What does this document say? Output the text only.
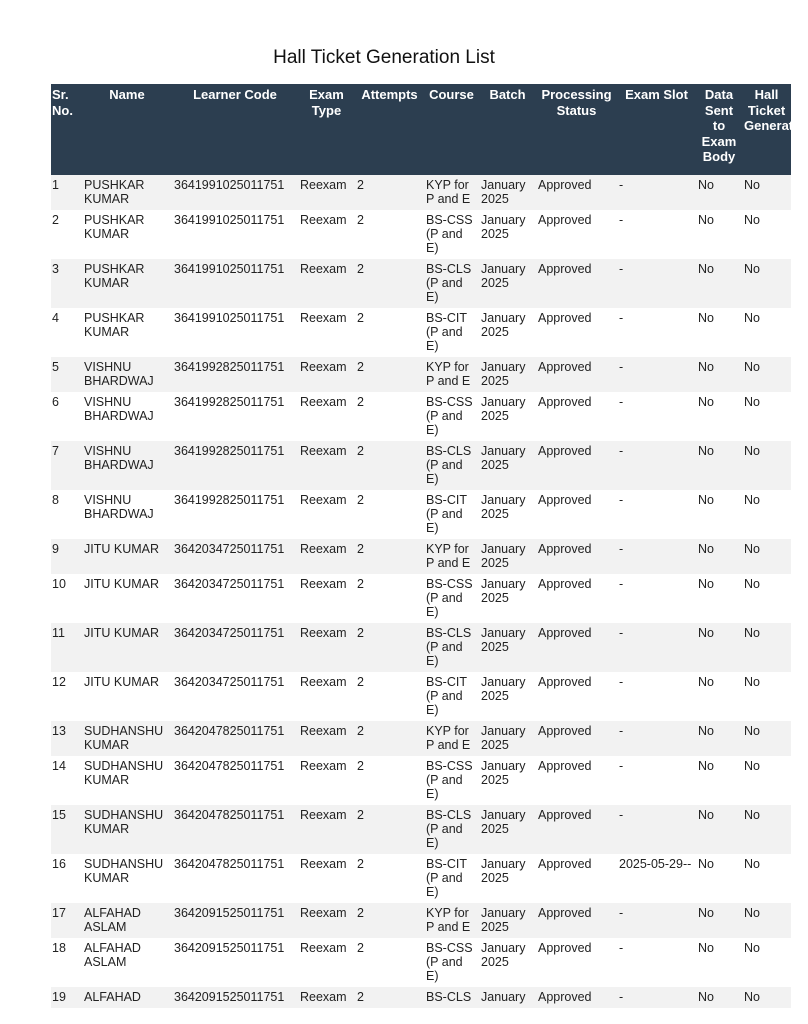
Hall Ticket Generation List
Sr. No.	Name	Learner Code	Exam Type	Attempts	Course	Batch	Processing Status	Exam Slot	Data Sent to Exam Body	Hall Ticket Generated
1	PUSHKAR KUMAR	3641991025011751	Reexam	2	KYP for P and E	January 2025	Approved	-	No	No
2	PUSHKAR KUMAR	3641991025011751	Reexam	2	BS-CSS (P and E)	January 2025	Approved	-	No	No
3	PUSHKAR KUMAR	3641991025011751	Reexam	2	BS-CLS (P and E)	January 2025	Approved	-	No	No
4	PUSHKAR KUMAR	3641991025011751	Reexam	2	BS-CIT (P and E)	January 2025	Approved	-	No	No
5	VISHNU BHARDWAJ	3641992825011751	Reexam	2	KYP for P and E	January 2025	Approved	-	No	No
6	VISHNU BHARDWAJ	3641992825011751	Reexam	2	BS-CSS (P and E)	January 2025	Approved	-	No	No
7	VISHNU BHARDWAJ	3641992825011751	Reexam	2	BS-CLS (P and E)	January 2025	Approved	-	No	No
8	VISHNU BHARDWAJ	3641992825011751	Reexam	2	BS-CIT (P and E)	January 2025	Approved	-	No	No
9	JITU KUMAR	3642034725011751	Reexam	2	KYP for P and E	January 2025	Approved	-	No	No
10	JITU KUMAR	3642034725011751	Reexam	2	BS-CSS (P and E)	January 2025	Approved	-	No	No
11	JITU KUMAR	3642034725011751	Reexam	2	BS-CLS (P and E)	January 2025	Approved	-	No	No
12	JITU KUMAR	3642034725011751	Reexam	2	BS-CIT (P and E)	January 2025	Approved	-	No	No
13	SUDHANSHU KUMAR	3642047825011751	Reexam	2	KYP for P and E	January 2025	Approved	-	No	No
14	SUDHANSHU KUMAR	3642047825011751	Reexam	2	BS-CSS (P and E)	January 2025	Approved	-	No	No
15	SUDHANSHU KUMAR	3642047825011751	Reexam	2	BS-CLS (P and E)	January 2025	Approved	-	No	No
16	SUDHANSHU KUMAR	3642047825011751	Reexam	2	BS-CIT (P and E)	January 2025	Approved	2025-05-29--	No	No
17	ALFAHAD ASLAM	3642091525011751	Reexam	2	KYP for P and E	January 2025	Approved	-	No	No
18	ALFAHAD ASLAM	3642091525011751	Reexam	2	BS-CSS (P and E)	January 2025	Approved	-	No	No
19	ALFAHAD	3642091525011751	Reexam	2	BS-CLS	January	Approved	-	No	No
